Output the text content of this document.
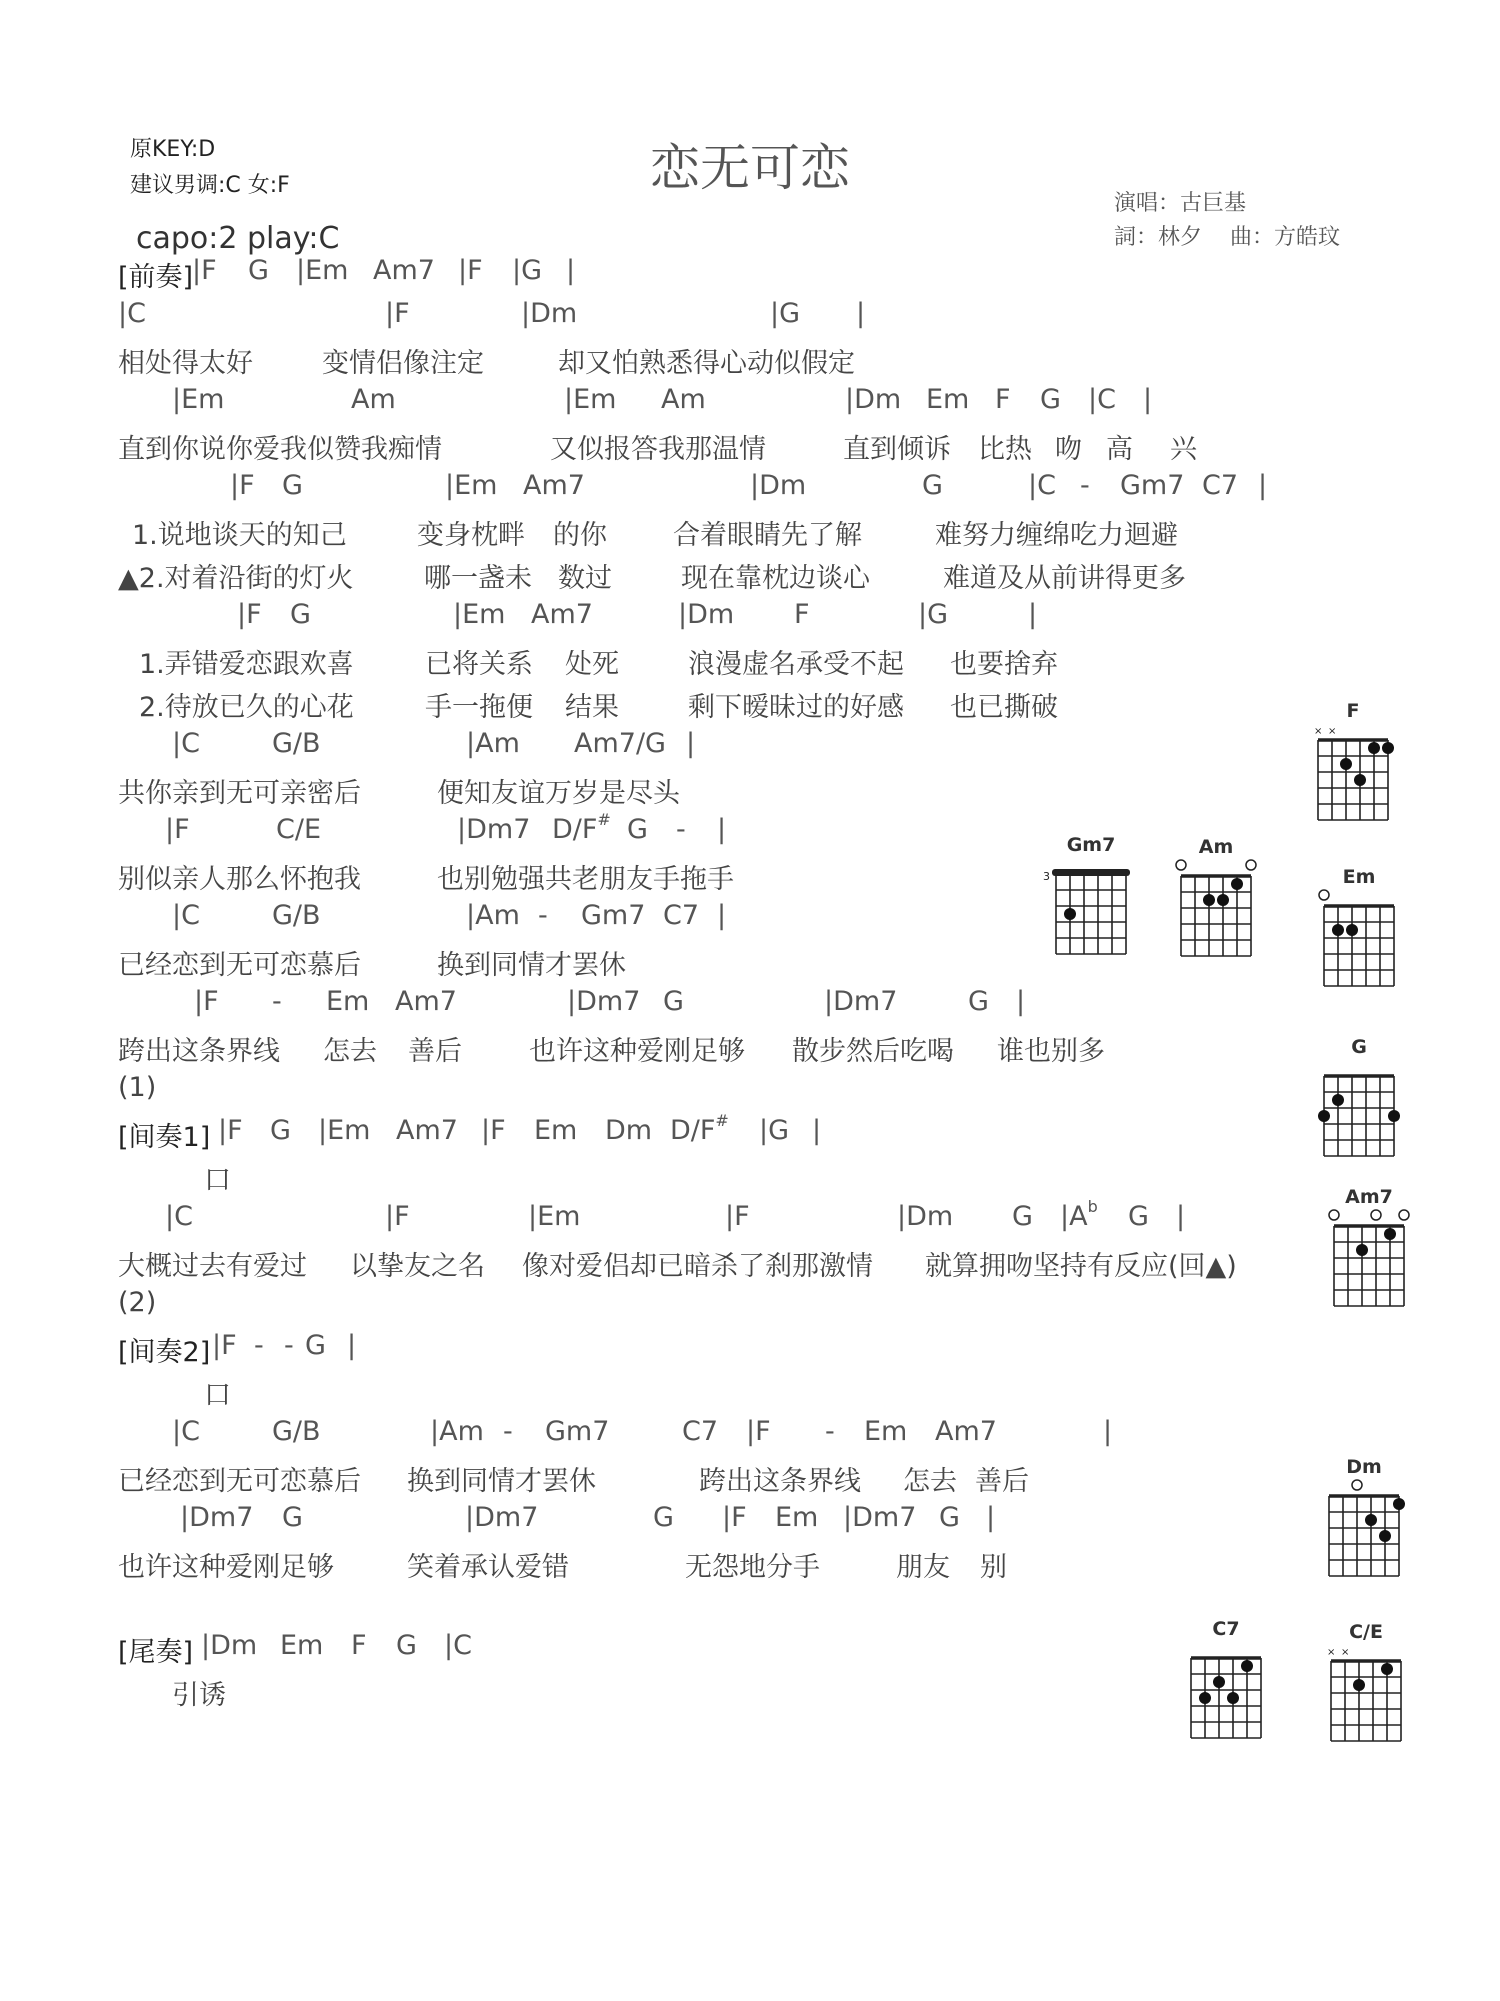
原KEY:D
建议男调:C 女:F	恋无可恋
演唱：古巨基
詞：林夕    曲：方皓玟
capo:2 play:C
[前奏]
|F G |Em Am7 |F |G |
|C	|F	|Dm	|G |
相处得太好	变情侣像注定	却又怕熟悉得心动似假定
|Em	Am	|Em Am	|Dm Em F G |C |
直到你说你爱我似赞我痴情	又似报答我那温情	直到倾诉 比热 吻 高 兴
|F G	|Em Am7	|Dm	G	|C - Gm7 C7 |
1.说地谈天的知己	变身枕畔 的你 合着眼睛先了解	难努力缠绵吃力迴避
▲2.对着沿街的灯火	哪一盏未 数过	现在靠枕边谈心	难道及从前讲得更多
|F G	|Em Am7	|Dm F	|G	|
1.弄错爱恋跟欢喜	已将关系 处死	浪漫虚名承受不起 也要捨弃
2.待放已久的心花	手一拖便 结果	剩下暧昧过的好感 也已撕破
|C	G/B	|Am Am7/G |
共你亲到无可亲密后	便知友谊万岁是尽头
|F	C/E	|Dm7 D/F# G - |
别似亲人那么怀抱我	也别勉强共老朋友手拖手
|C	G/B	|Am - Gm7 C7 |
已经恋到无可恋慕后	换到同情才罢休
|F - Em Am7	|Dm7 G	|Dm7	G |
跨出这条界线 怎去 善后 也许这种爱刚足够 散步然后吃喝 谁也别多
(1)
[间奏1] |F G |Em Am7 |F Em Dm D/F# |G |
口
|C	|F	|Em	|F	|Dm G $|A^b$ G |
大概过去有爱过 以挚友之名 像对爱侣却已暗杀了刹那激情 就算拥吻坚持有反应(回▲)
(2)
[间奏2] |F - - G |
口
|C	G/B	|Am - Gm7	C7 |F - Em Am7	|
已经恋到无可恋慕后 换到同情才罢休	跨出这条界线 怎去 善后
|Dm7 G	|Dm7	G |F Em |Dm7 G |
也许这种爱刚足够	笑着承认爱错	无怨地分手	朋友 别
[尾奏] |Dm Em F G |C
引诱
F
× ×
Gm7
3
Am
Em
G
Am7
Dm
C7	C/E
× ×
